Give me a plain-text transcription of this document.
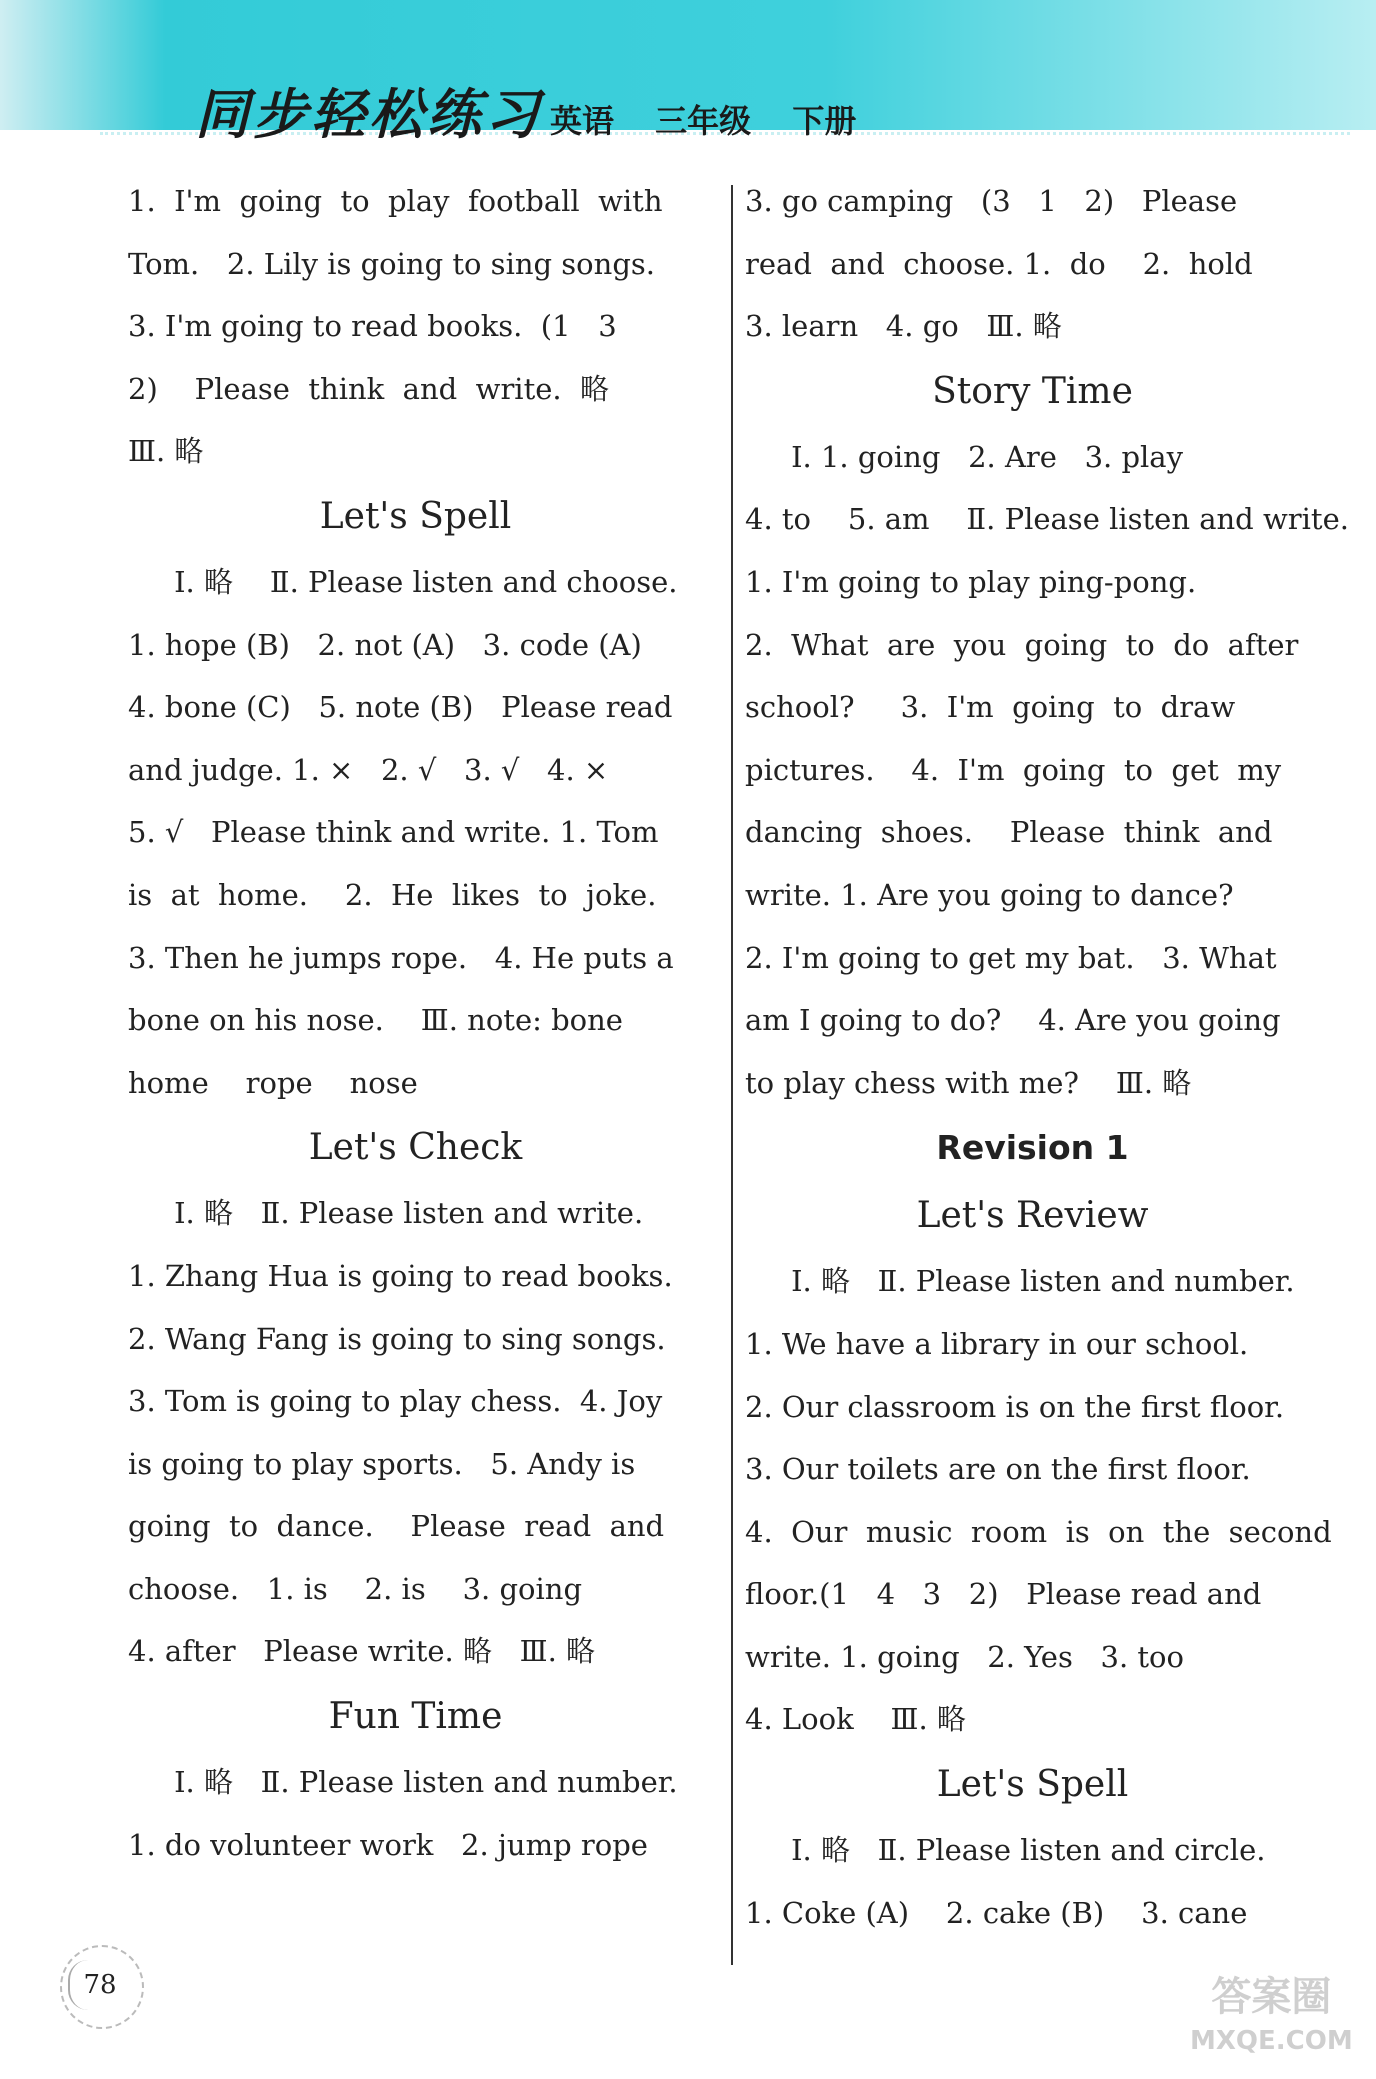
同步轻松练习 英语 三年级 下册
1.  I'm  going  to  play  football  with
Tom.   2. Lily is going to sing songs.
3. I'm going to read books.  (1   3
2)    Please  think  and  write.  略
Ⅲ. 略
Let's Spell
Ⅰ. 略    Ⅱ. Please listen and choose.
1. hope (B)   2. not (A)   3. code (A)
4. bone (C)   5. note (B)   Please read
and judge. 1. ×   2. √   3. √   4. ×
5. √   Please think and write. 1. Tom
is  at  home.    2.  He  likes  to  joke.
3. Then he jumps rope.   4. He puts a
bone on his nose.    Ⅲ. note: bone
home    rope    nose
Let's Check
Ⅰ. 略   Ⅱ. Please listen and write.
1. Zhang Hua is going to read books.
2. Wang Fang is going to sing songs.
3. Tom is going to play chess.  4. Joy
is going to play sports.   5. Andy is
going  to  dance.    Please  read  and
choose.   1. is    2. is    3. going
4. after   Please write. 略   Ⅲ. 略
Fun Time
Ⅰ. 略   Ⅱ. Please listen and number.
1. do volunteer work   2. jump rope
3. go camping   (3   1   2)   Please
read  and  choose. 1.  do    2.  hold
3. learn   4. go   Ⅲ. 略
Story Time
Ⅰ. 1. going   2. Are   3. play
4. to    5. am    Ⅱ. Please listen and write.
1. I'm going to play ping-pong.
2.  What  are  you  going  to  do  after
school?     3.  I'm  going  to  draw
pictures.    4.  I'm  going  to  get  my
dancing  shoes.    Please  think  and
write. 1. Are you going to dance?
2. I'm going to get my bat.   3. What
am I going to do?    4. Are you going
to play chess with me?    Ⅲ. 略
Revision 1
Let's Review
Ⅰ. 略   Ⅱ. Please listen and number.
1. We have a library in our school.
2. Our classroom is on the first floor.
3. Our toilets are on the first floor.
4.  Our  music  room  is  on  the  second
floor.(1   4   3   2)   Please read and
write. 1. going   2. Yes   3. too
4. Look    Ⅲ. 略
Let's Spell
Ⅰ. 略   Ⅱ. Please listen and circle.
1. Coke (A)    2. cake (B)    3. cane
78	答案圈
MXQE.COM
